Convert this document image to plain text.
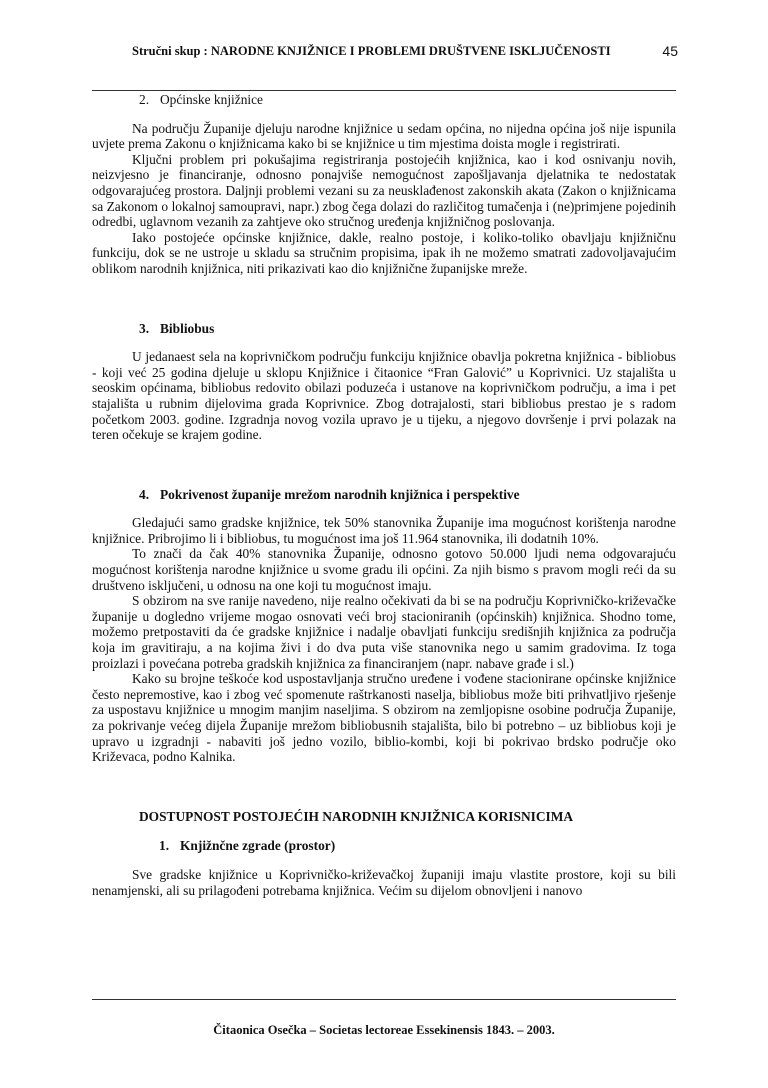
Stručni skup : NARODNE KNJIŽNICE I PROBLEMI DRUŠTVENE ISKLJUČENOSTI	45
2. Općinske knjižnice

Na području Županije djeluju narodne knjižnice u sedam općina, no nijedna općina još nije ispunila uvjete prema Zakonu o knjižnicama kako bi se knjižnice u tim mjestima doista mogle i registrirati.

Ključni problem pri pokušajima registriranja postojećih knjižnica, kao i kod osnivanju novih, neizvjesno je financiranje, odnosno ponajviše nemogućnost zapošljavanja djelatnika te nedostatak odgovarajućeg prostora. Daljnji problemi vezani su za neusklađenost zakonskih akata (Zakon o knjižnicama sa Zakonom o lokalnoj samoupravi, napr.) zbog čega dolazi do različitog tumačenja i (ne)primjene pojedinih odredbi, uglavnom vezanih za zahtjeve oko stručnog uređenja knjižničnog poslovanja.

Iako postojeće općinske knjižnice, dakle, realno postoje, i koliko-toliko obavljaju knjižničnu funkciju, dok se ne ustroje u skladu sa stručnim propisima, ipak ih ne možemo smatrati zadovoljavajućim oblikom narodnih knjižnica, niti prikazivati kao dio knjižnične županijske mreže.

3. Bibliobus

U jedanaest sela na koprivničkom području funkciju knjižnice obavlja pokretna knjižnica - bibliobus - koji već 25 godina djeluje u sklopu Knjižnice i čitaonice “Fran Galović” u Koprivnici. Uz stajališta u seoskim općinama, bibliobus redovito obilazi poduzeća i ustanove na koprivničkom području, a ima i pet stajališta u rubnim dijelovima grada Koprivnice. Zbog dotrajalosti, stari bibliobus prestao je s radom početkom 2003. godine. Izgradnja novog vozila upravo je u tijeku, a njegovo dovršenje i prvi polazak na teren očekuje se krajem godine.

4. Pokrivenost županije mrežom narodnih knjižnica i perspektive

Gledajući samo gradske knjižnice, tek 50% stanovnika Županije ima mogućnost korištenja narodne knjižnice. Pribrojimo li i bibliobus, tu mogućnost ima još 11.964 stanovnika, ili dodatnih 10%.

To znači da čak 40% stanovnika Županije, odnosno gotovo 50.000 ljudi nema odgovarajuću mogućnost korištenja narodne knjižnice u svome gradu ili općini. Za njih bismo s pravom mogli reći da su društveno isključeni, u odnosu na one koji tu mogućnost imaju.

S obzirom na sve ranije navedeno, nije realno očekivati da bi se na području Koprivničko-križevačke županije u dogledno vrijeme mogao osnovati veći broj stacioniranih (općinskih) knjižnica. Shodno tome, možemo pretpostaviti da će gradske knjižnice i nadalje obavljati funkciju središnjih knjižnica za područja koja im gravitiraju, a na kojima živi i do dva puta više stanovnika nego u samim gradovima. Iz toga proizlazi i povećana potreba gradskih knjižnica za financiranjem (napr. nabave građe i sl.)

Kako su brojne teškoće kod uspostavljanja stručno uređene i vođene stacionirane općinske knjižnice često nepremostive, kao i zbog već spomenute raštrkanosti naselja, bibliobus može biti prihvatljivo rješenje za uspostavu knjižnice u mnogim manjim naseljima. S obzirom na zemljopisne osobine područja Županije, za pokrivanje većeg dijela Županije mrežom bibliobusnih stajališta, bilo bi potrebno – uz bibliobus koji je upravo u izgradnji - nabaviti još jedno vozilo, biblio-kombi, koji bi pokrivao brdsko područje oko Križevaca, podno Kalnika.

DOSTUPNOST POSTOJEĆIH NARODNIH KNJIŽNICA KORISNICIMA
1. Knjižnčne zgrade (prostor)

Sve gradske knjižnice u Koprivničko-križevačkoj županiji imaju vlastite prostore, koji su bili nenamjenski, ali su prilagođeni potrebama knjižnica. Većim su dijelom obnovljeni i nanovo

Čitaonica Osečka – Societas lectoreae Essekinensis 1843. – 2003.
